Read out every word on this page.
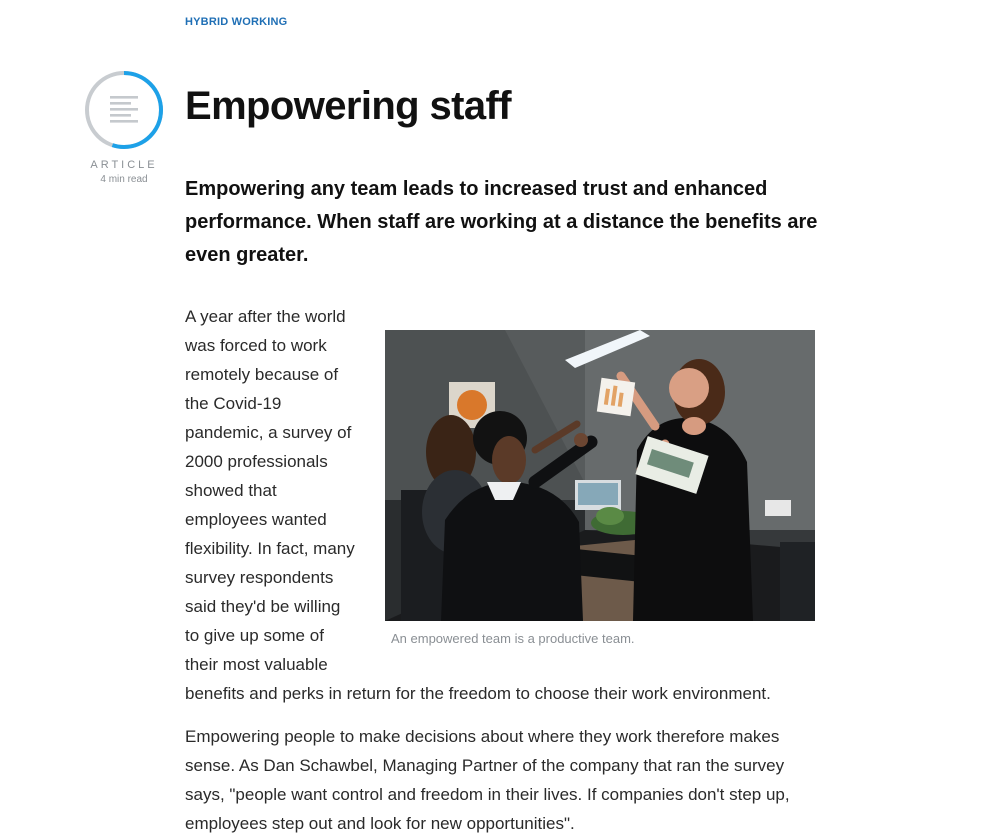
HYBRID WORKING
ARTICLE
4 min read
Empowering staff

Empowering any team leads to increased trust and enhanced performance. When staff are working at a distance the benefits are even greater.

An empowered team is a productive team.

A year after the world was forced to work remotely because of the Covid-19 pandemic, a survey of 2000 professionals showed that employees wanted flexibility. In fact, many survey respondents said they'd be willing to give up some of their most valuable benefits and perks in return for the freedom to choose their work environment.

Empowering people to make decisions about where they work therefore makes sense. As Dan Schawbel, Managing Partner of the company that ran the survey says, "people want control and freedom in their lives. If companies don't step up, employees step out and look for new opportunities".
